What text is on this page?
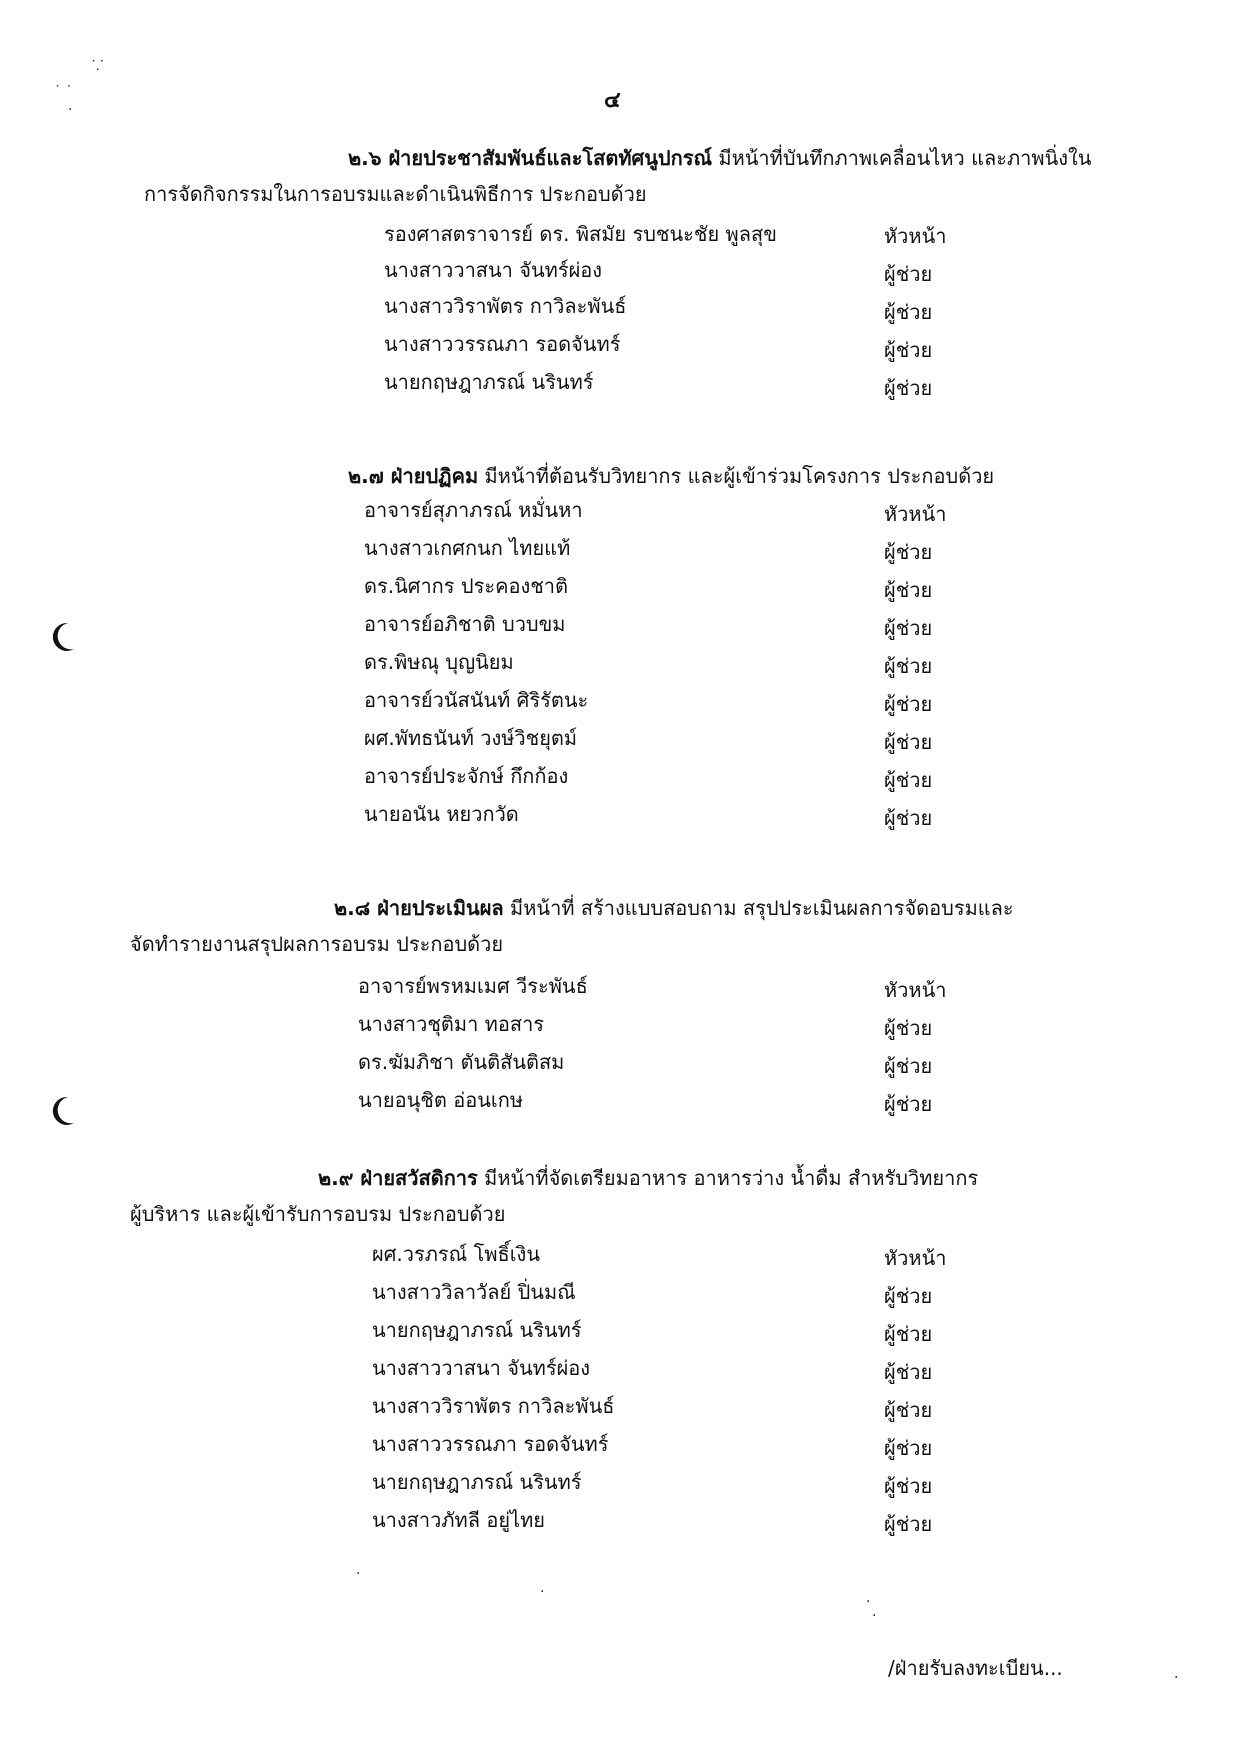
⸪
˙ ˙
.	๔
๒.๖ ฝ่ายประชาสัมพันธ์และโสตทัศนูปกรณ์ มีหน้าที่บันทึกภาพเคลื่อนไหว และภาพนิ่งใน
การจัดกิจกรรมในการอบรมและดำเนินพิธีการ ประกอบด้วย
รองศาสตราจารย์ ดร. พิสมัย รบชนะชัย พูลสุข	หัวหน้า
นางสาววาสนา จันทร์ผ่อง	ผู้ช่วย
นางสาววิราพัตร กาวิละพันธ์	ผู้ช่วย
นางสาววรรณภา รอดจันทร์	ผู้ช่วย
นายกฤษฎาภรณ์ นรินทร์	ผู้ช่วย
๒.๗ ฝ่ายปฏิคม มีหน้าที่ต้อนรับวิทยากร และผู้เข้าร่วมโครงการ ประกอบด้วย
อาจารย์สุภาภรณ์ หมั่นหา	หัวหน้า
นางสาวเกศกนก ไทยแท้	ผู้ช่วย
ดร.นิศากร ประคองชาติ	ผู้ช่วย
อาจารย์อภิชาติ บวบขม	ผู้ช่วย
ดร.พิษณุ บุญนิยม	ผู้ช่วย
อาจารย์วนัสนันท์ ศิริรัตนะ	ผู้ช่วย
ผศ.พัทธนันท์ วงษ์วิชยุตม์	ผู้ช่วย
อาจารย์ประจักษ์ กึกก้อง	ผู้ช่วย
นายอนัน หยวกวัด	ผู้ช่วย
๒.๘ ฝ่ายประเมินผล มีหน้าที่ สร้างแบบสอบถาม สรุปประเมินผลการจัดอบรมและ
จัดทำรายงานสรุปผลการอบรม ประกอบด้วย
อาจารย์พรหมเมศ วีระพันธ์	หัวหน้า
นางสาวชุติมา ทอสาร	ผู้ช่วย
ดร.ฆัมภิชา ตันติสันติสม	ผู้ช่วย
นายอนุชิต อ่อนเกษ	ผู้ช่วย
๒.๙ ฝ่ายสวัสดิการ มีหน้าที่จัดเตรียมอาหาร อาหารว่าง น้ำดื่ม สำหรับวิทยากร
ผู้บริหาร และผู้เข้ารับการอบรม ประกอบด้วย
ผศ.วรภรณ์ โพธิ์เงิน	หัวหน้า
นางสาววิลาวัลย์ ปิ่นมณี	ผู้ช่วย
นายกฤษฎาภรณ์ นรินทร์	ผู้ช่วย
นางสาววาสนา จันทร์ผ่อง	ผู้ช่วย
นางสาววิราพัตร กาวิละพันธ์	ผู้ช่วย
นางสาววรรณภา รอดจันทร์	ผู้ช่วย
นายกฤษฎาภรณ์ นรินทร์	ผู้ช่วย
นางสาวภัทลี อยู่ไทย	ผู้ช่วย
.
.
.
.
.
/ฝ่ายรับลงทะเบียน...
